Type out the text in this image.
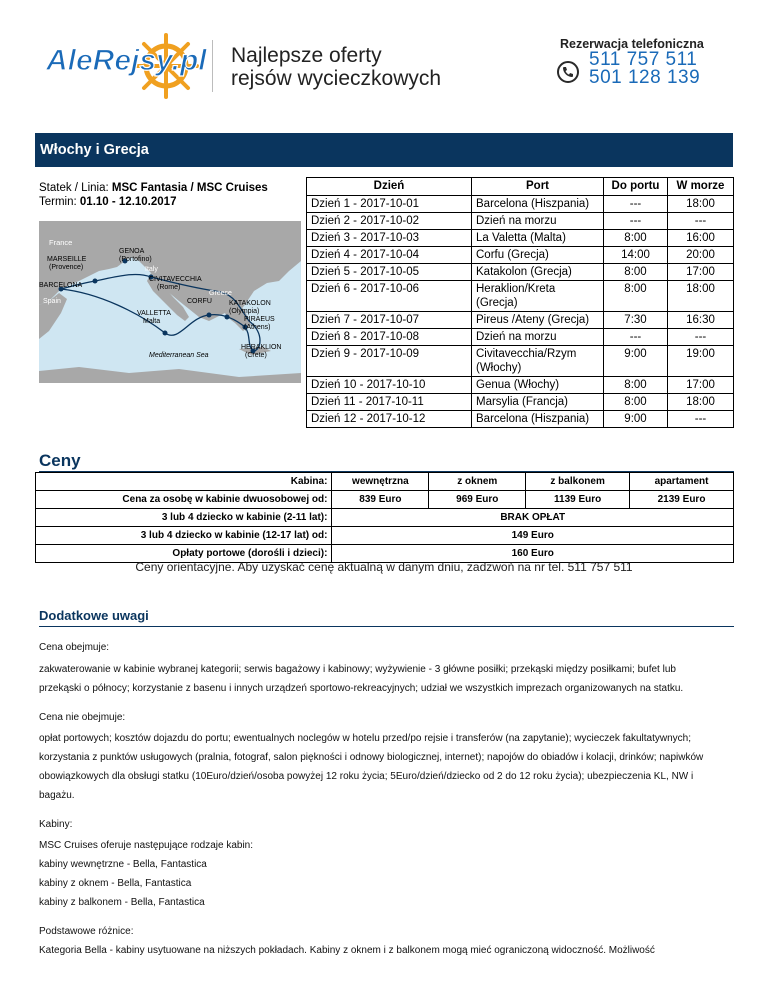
AleRejsy.pl Najlepsze oferty
rejsów wycieczkowych
Rezerwacja telefoniczna
511 757 511
501 128 139
Włochy i Grecja
Statek / Linia: MSC Fantasia / MSC Cruises
Termin: 01.10 - 12.10.2017
France
GENOA
(Portofino)
Italy
MARSEILLE
(Provence)
CIVITAVECCHIA
(Rome)
Greece
BARCELONA
Spain	CORFU KATAKOLON
(Olympia)
PIRAEUS
(Athens)
VALLETTA
Malta
HERAKLION
(Crete)
Mediterranean Sea
Dzień	Port	Do portu	W morze
Dzień 1 - 2017-10-01	Barcelona (Hiszpania)	---	18:00
Dzień 2 - 2017-10-02	Dzień na morzu	---	---
Dzień 3 - 2017-10-03	La Valetta (Malta)	8:00	16:00
Dzień 4 - 2017-10-04	Corfu (Grecja)	14:00	20:00
Dzień 5 - 2017-10-05	Katakolon (Grecja)	8:00	17:00
Dzień 6 - 2017-10-06	Heraklion/Kreta (Grecja)	8:00	18:00
Dzień 7 - 2017-10-07	Pireus /Ateny (Grecja)	7:30	16:30
Dzień 8 - 2017-10-08	Dzień na morzu	---	---
Dzień 9 - 2017-10-09	Civitavecchia/Rzym (Włochy)	9:00	19:00
Dzień 10 - 2017-10-10	Genua (Włochy)	8:00	17:00
Dzień 11 - 2017-10-11	Marsylia (Francja)	8:00	18:00
Dzień 12 - 2017-10-12	Barcelona (Hiszpania)	9:00	---
Ceny
Kabina:	wewnętrzna	z oknem	z balkonem	apartament
Cena za osobę w kabinie dwuosobowej od:	839 Euro	969 Euro	1139 Euro	2139 Euro
3 lub 4 dziecko w kabinie (2-11 lat):	BRAK OPŁAT			
3 lub 4 dziecko w kabinie (12-17 lat) od:	149 Euro			
Opłaty portowe (dorośli i dzieci):	160 Euro			
Ceny orientacyjne. Aby uzyskać cenę aktualną w danym dniu, zadzwoń na nr tel. 511 757 511
Dodatkowe uwagi
Cena obejmuje:
zakwaterowanie w kabinie wybranej kategorii; serwis bagażowy i kabinowy; wyżywienie - 3 główne posiłki; przekąski między posiłkami; bufet lub
przekąski o północy; korzystanie z basenu i innych urządzeń sportowo-rekreacyjnych; udział we wszystkich imprezach organizowanych na statku.
Cena nie obejmuje:
opłat portowych; kosztów dojazdu do portu; ewentualnych noclegów w hotelu przed/po rejsie i transferów (na zapytanie); wycieczek fakultatywnych;
korzystania z punktów usługowych (pralnia, fotograf, salon piękności i odnowy biologicznej, internet); napojów do obiadów i kolacji, drinków; napiwków
obowiązkowych dla obsługi statku (10Euro/dzień/osoba powyżej 12 roku życia; 5Euro/dzień/dziecko od 2 do 12 roku życia); ubezpieczenia KL, NW i
bagażu.
Kabiny:
MSC Cruises oferuje następujące rodzaje kabin:
kabiny wewnętrzne - Bella, Fantastica
kabiny z oknem - Bella, Fantastica
kabiny z balkonem - Bella, Fantastica
Podstawowe różnice:
Kategoria Bella - kabiny usytuowane na niższych pokładach. Kabiny z oknem i z balkonem mogą mieć ograniczoną widoczność. Możliwość
